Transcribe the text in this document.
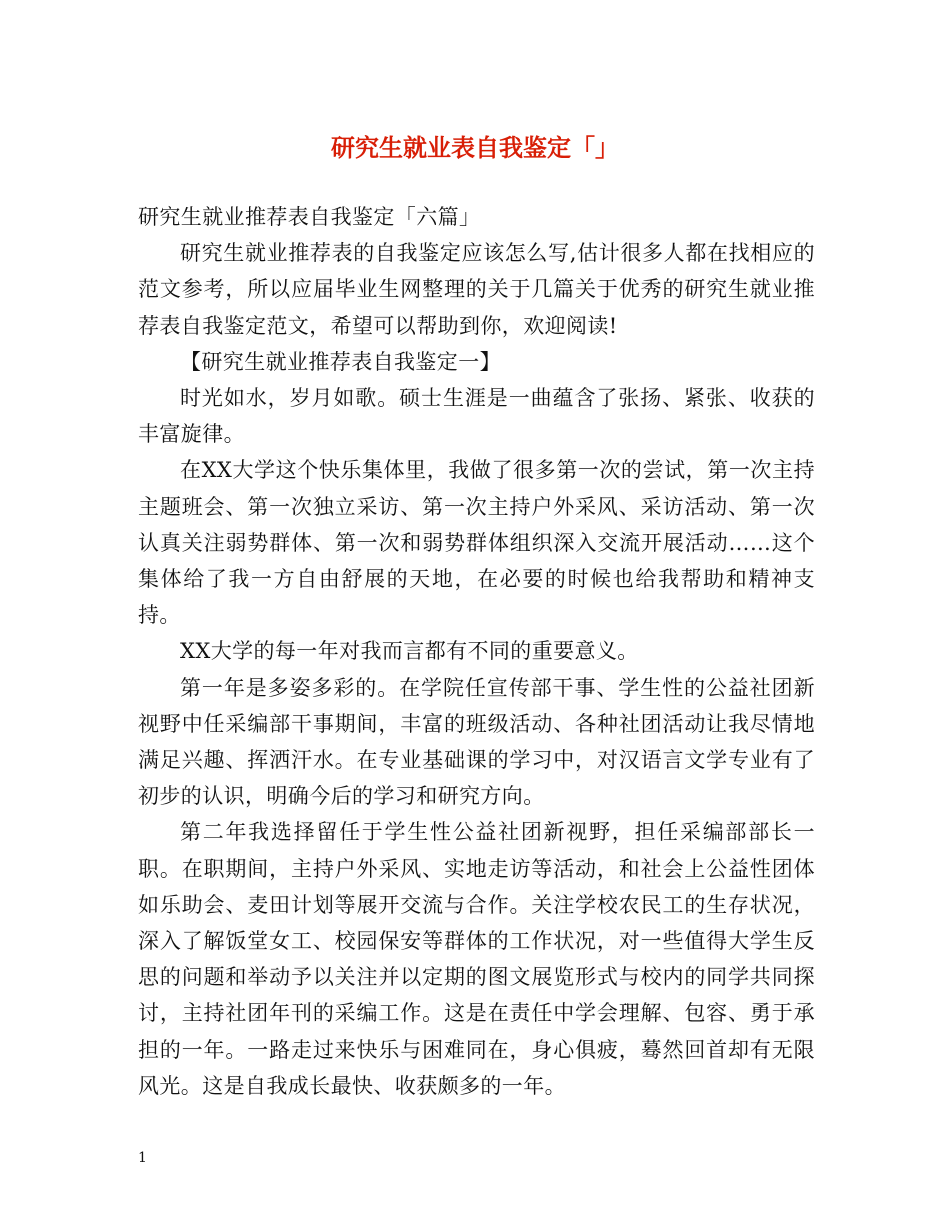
研究生就业表自我鉴定「」

研究生就业推荐表自我鉴定「六篇」

研究生就业推荐表的自我鉴定应该怎么写,估计很多人都在找相应的范文参考，所以应届毕业生网整理的关于几篇关于优秀的研究生就业推荐表自我鉴定范文，希望可以帮助到你，欢迎阅读!

【研究生就业推荐表自我鉴定一】

时光如水，岁月如歌。硕士生涯是一曲蕴含了张扬、紧张、收获的丰富旋律。

在XX大学这个快乐集体里，我做了很多第一次的尝试，第一次主持主题班会、第一次独立采访、第一次主持户外采风、采访活动、第一次认真关注弱势群体、第一次和弱势群体组织深入交流开展活动……这个集体给了我一方自由舒展的天地，在必要的时候也给我帮助和精神支持。

XX大学的每一年对我而言都有不同的重要意义。

第一年是多姿多彩的。在学院任宣传部干事、学生性的公益社团新视野中任采编部干事期间，丰富的班级活动、各种社团活动让我尽情地满足兴趣、挥洒汗水。在专业基础课的学习中，对汉语言文学专业有了初步的认识，明确今后的学习和研究方向。

第二年我选择留任于学生性公益社团新视野，担任采编部部长一职。在职期间，主持户外采风、实地走访等活动，和社会上公益性团体如乐助会、麦田计划等展开交流与合作。关注学校农民工的生存状况，深入了解饭堂女工、校园保安等群体的工作状况，对一些值得大学生反思的问题和举动予以关注并以定期的图文展览形式与校内的同学共同探讨，主持社团年刊的采编工作。这是在责任中学会理解、包容、勇于承担的一年。一路走过来快乐与困难同在，身心俱疲，蓦然回首却有无限风光。这是自我成长最快、收获颇多的一年。

1
